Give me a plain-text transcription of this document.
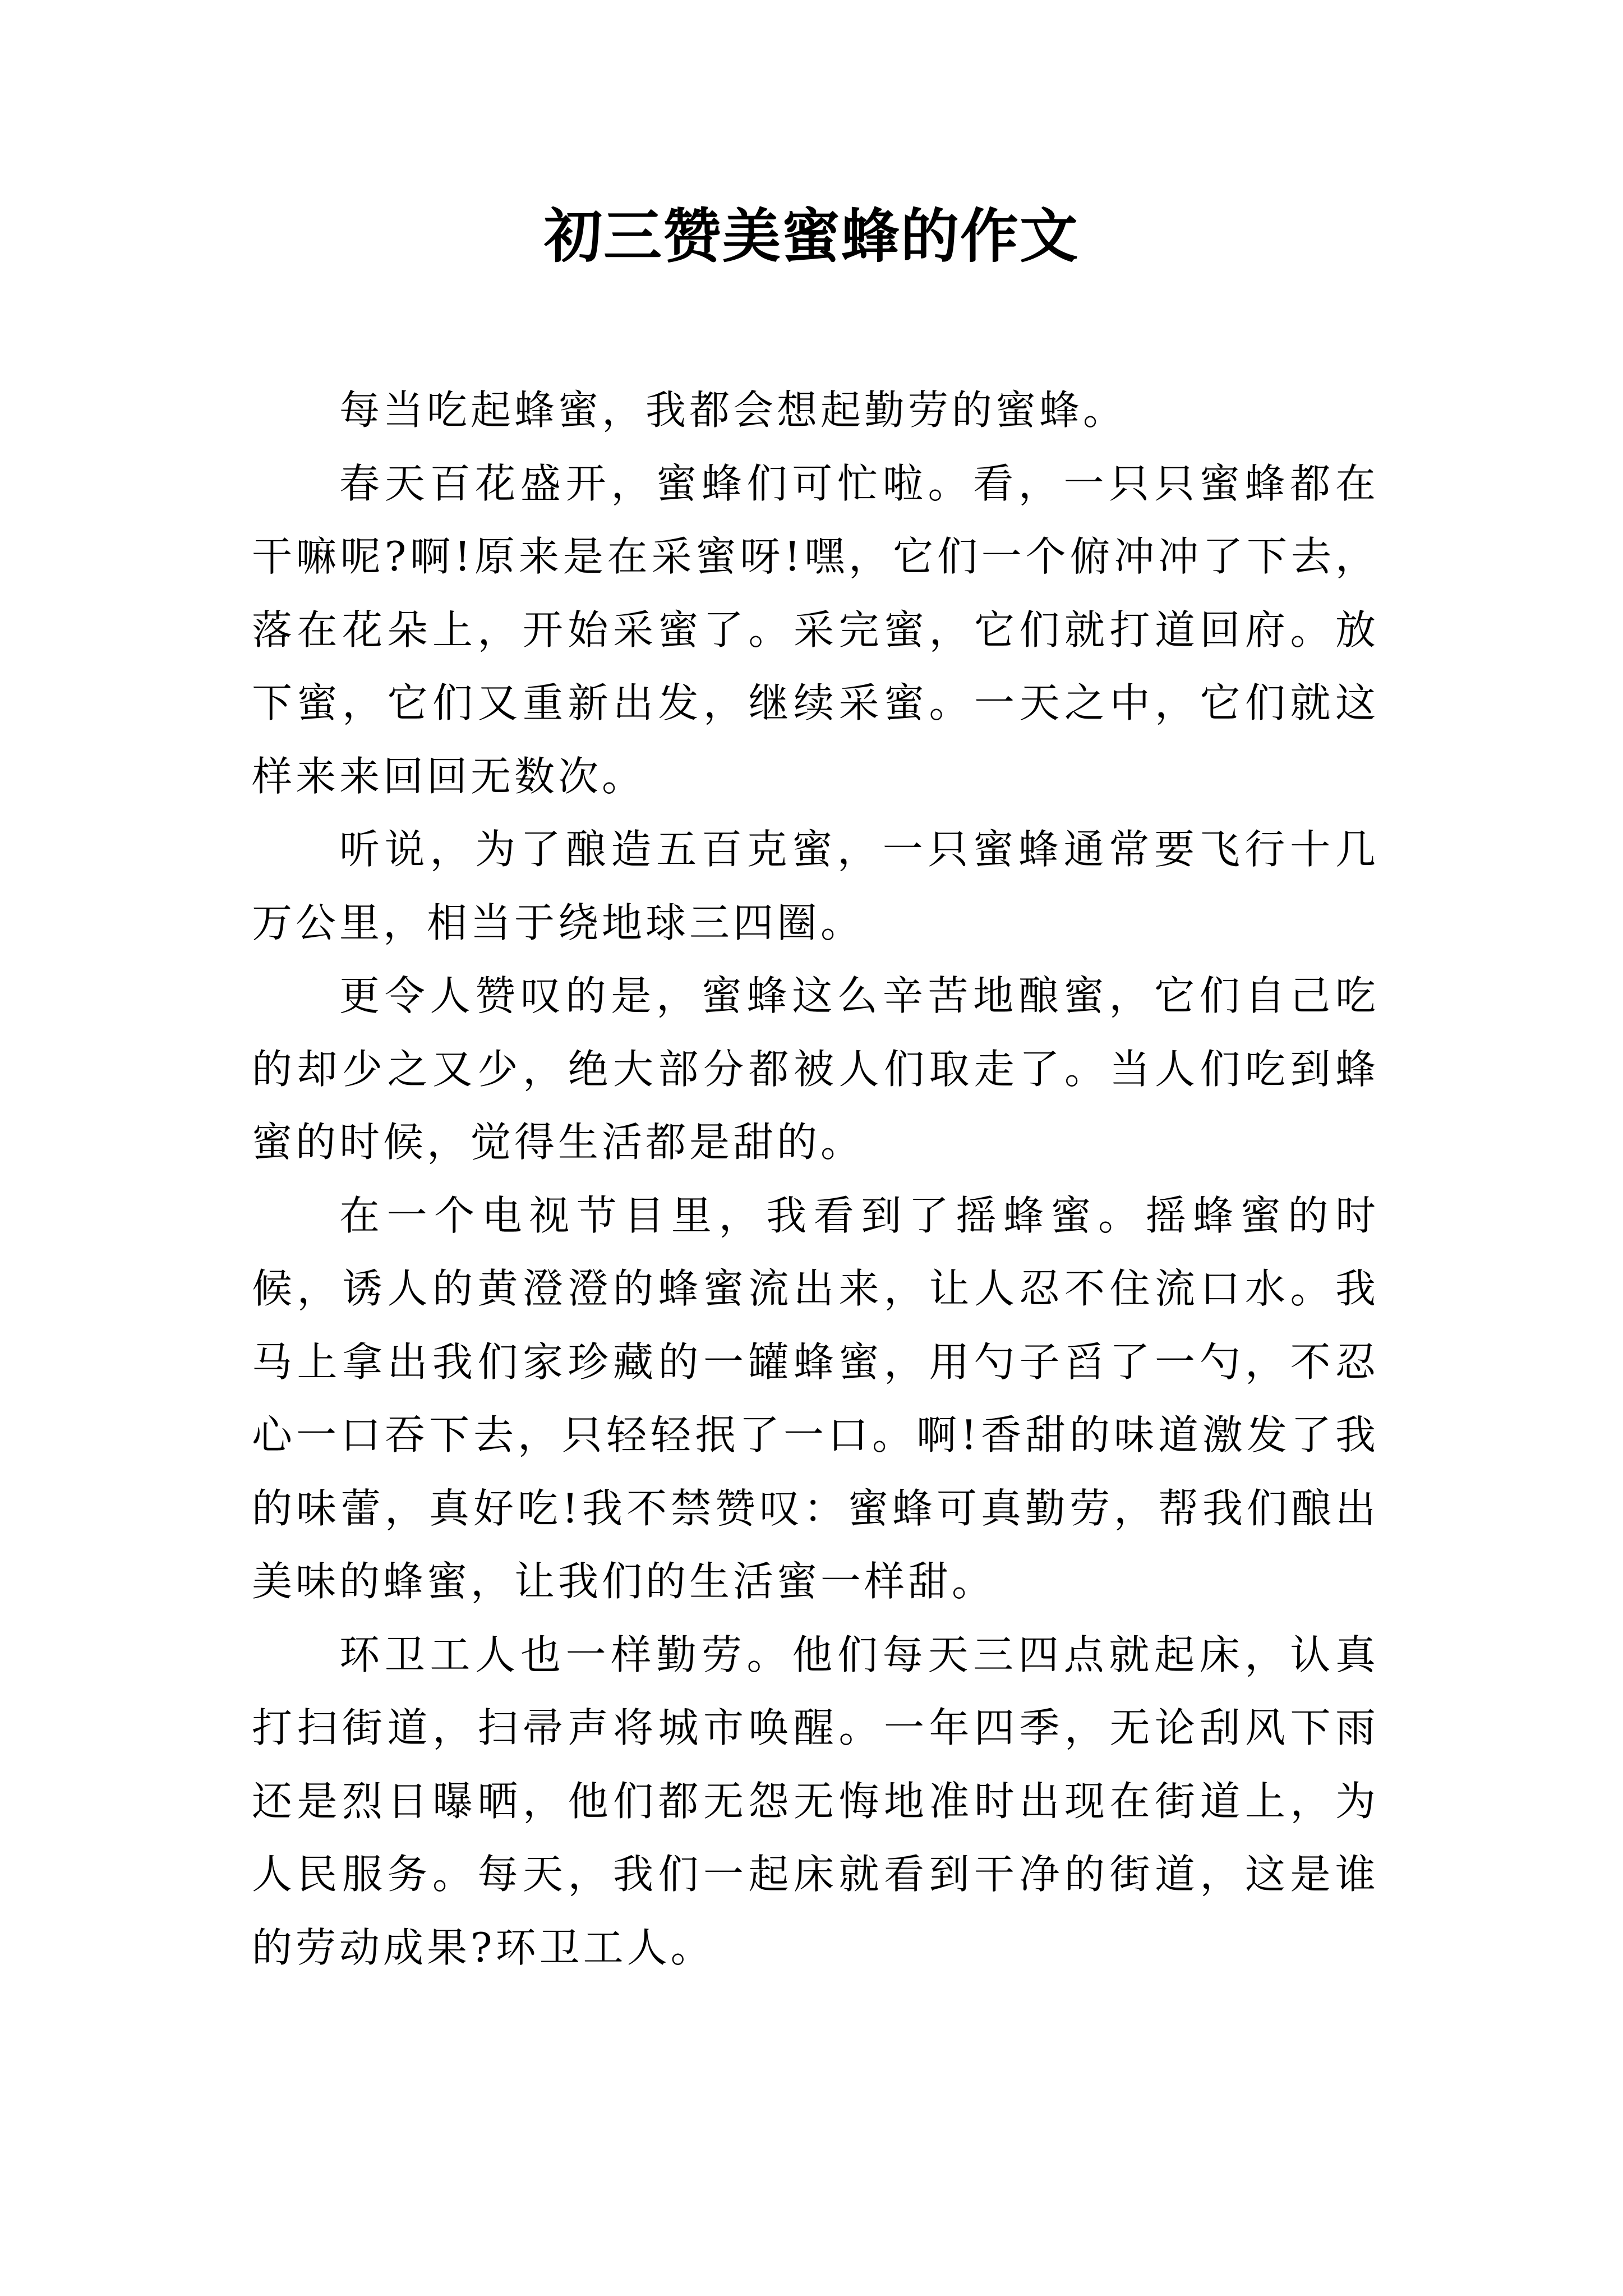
初三赞美蜜蜂的作文

每当吃起蜂蜜，我都会想起勤劳的蜜蜂。

春天百花盛开，蜜蜂们可忙啦。看，一只只蜜蜂都在干嘛呢?啊!原来是在采蜜呀!嘿，它们一个俯冲冲了下去，落在花朵上，开始采蜜了。采完蜜，它们就打道回府。放下蜜，它们又重新出发，继续采蜜。一天之中，它们就这样来来回回无数次。

听说，为了酿造五百克蜜，一只蜜蜂通常要飞行十几万公里，相当于绕地球三四圈。

更令人赞叹的是，蜜蜂这么辛苦地酿蜜，它们自己吃的却少之又少，绝大部分都被人们取走了。当人们吃到蜂蜜的时候，觉得生活都是甜的。

在一个电视节目里，我看到了摇蜂蜜。摇蜂蜜的时候，诱人的黄澄澄的蜂蜜流出来，让人忍不住流口水。我马上拿出我们家珍藏的一罐蜂蜜，用勺子舀了一勺，不忍心一口吞下去，只轻轻抿了一口。啊!香甜的味道激发了我的味蕾，真好吃!我不禁赞叹：蜜蜂可真勤劳，帮我们酿出美味的蜂蜜，让我们的生活蜜一样甜。

环卫工人也一样勤劳。他们每天三四点就起床，认真打扫街道，扫帚声将城市唤醒。一年四季，无论刮风下雨还是烈日曝晒，他们都无怨无悔地准时出现在街道上，为人民服务。每天，我们一起床就看到干净的街道，这是谁的劳动成果?环卫工人。
